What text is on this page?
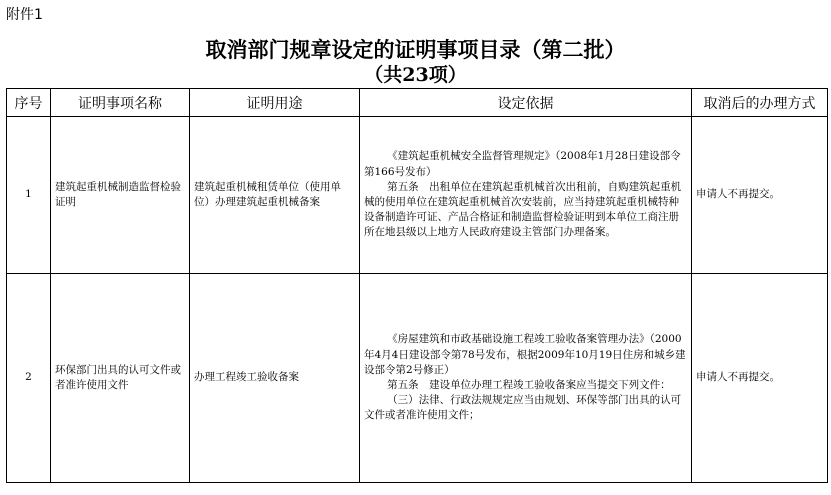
附件1
取消部门规章设定的证明事项目录（第二批）
（共23项）
序号	证明事项名称	证明用途	设定依据	取消后的办理方式
1	建筑起重机械制造监督检验证明	建筑起重机械租赁单位（使用单位）办理建筑起重机械备案	《建筑起重机械安全监督管理规定》（2008年1月28日建设部令第166号发布）
第五条　出租单位在建筑起重机械首次出租前，自购建筑起重机械的使用单位在建筑起重机械首次安装前，应当持建筑起重机械特种设备制造许可证、产品合格证和制造监督检验证明到本单位工商注册所在地县级以上地方人民政府建设主管部门办理备案。	申请人不再提交。
2	环保部门出具的认可文件或者准许使用文件	办理工程竣工验收备案	《房屋建筑和市政基础设施工程竣工验收备案管理办法》（2000年4月4日建设部令第78号发布，根据2009年10月19日住房和城乡建设部令第2号修正）
第五条　建设单位办理工程竣工验收备案应当提交下列文件：
（三）法律、行政法规规定应当由规划、环保等部门出具的认可文件或者准许使用文件；	申请人不再提交。
